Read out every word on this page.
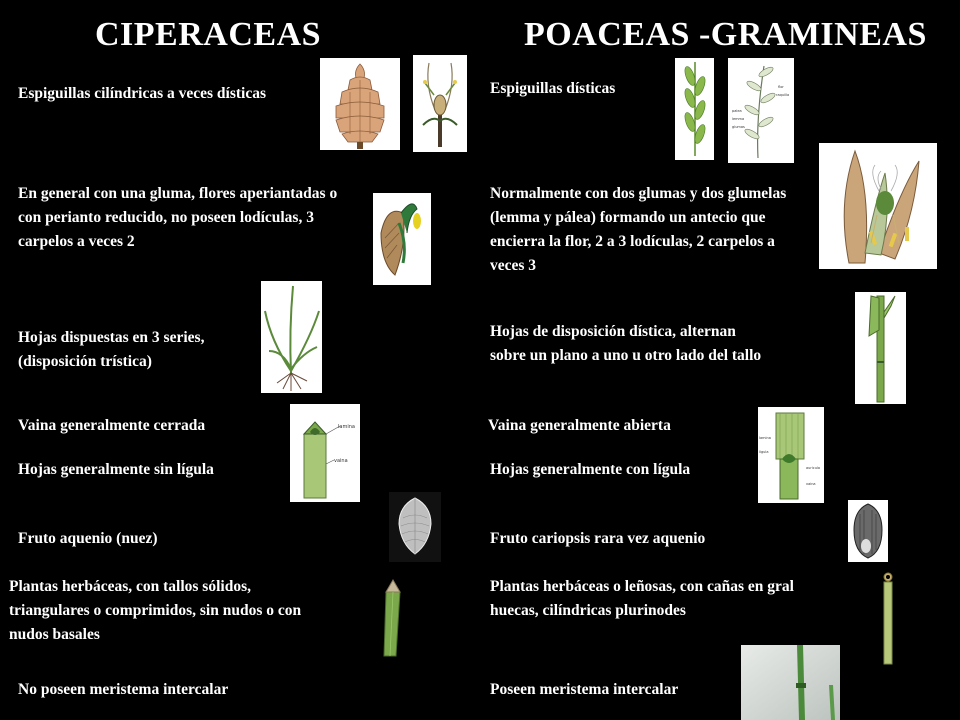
CIPERACEAS	POACEAS -GRAMINEAS
Espiguillas cilíndricas a veces dísticas
En general con una gluma, flores aperiantadas o con perianto reducido, no poseen lodículas, 3 carpelos a veces 2
Hojas dispuestas en 3 series, (disposición trística)
Vaina generalmente cerrada
Hojas generalmente sin lígula
Fruto aquenio (nuez)
Plantas herbáceas, con tallos sólidos, triangulares o comprimidos, sin nudos o con nudos basales
No poseen meristema intercalar
Espiguillas dísticas
Normalmente con dos glumas y dos glumelas (lemma y pálea) formando un antecio que encierra la flor, 2 a 3 lodículas, 2 carpelos a veces 3
Hojas de disposición dística, alternan sobre un plano a uno u otro lado del tallo
Vaina generalmente abierta
Hojas generalmente con lígula
Fruto cariopsis rara vez aquenio
Plantas herbáceas o leñosas, con cañas en gral huecas, cilíndricas plurinodes
Poseen meristema intercalar
lamina
vaina
flor
raquilla
palea
lemma
glumas
lamina
ligula
auricula
vaina
